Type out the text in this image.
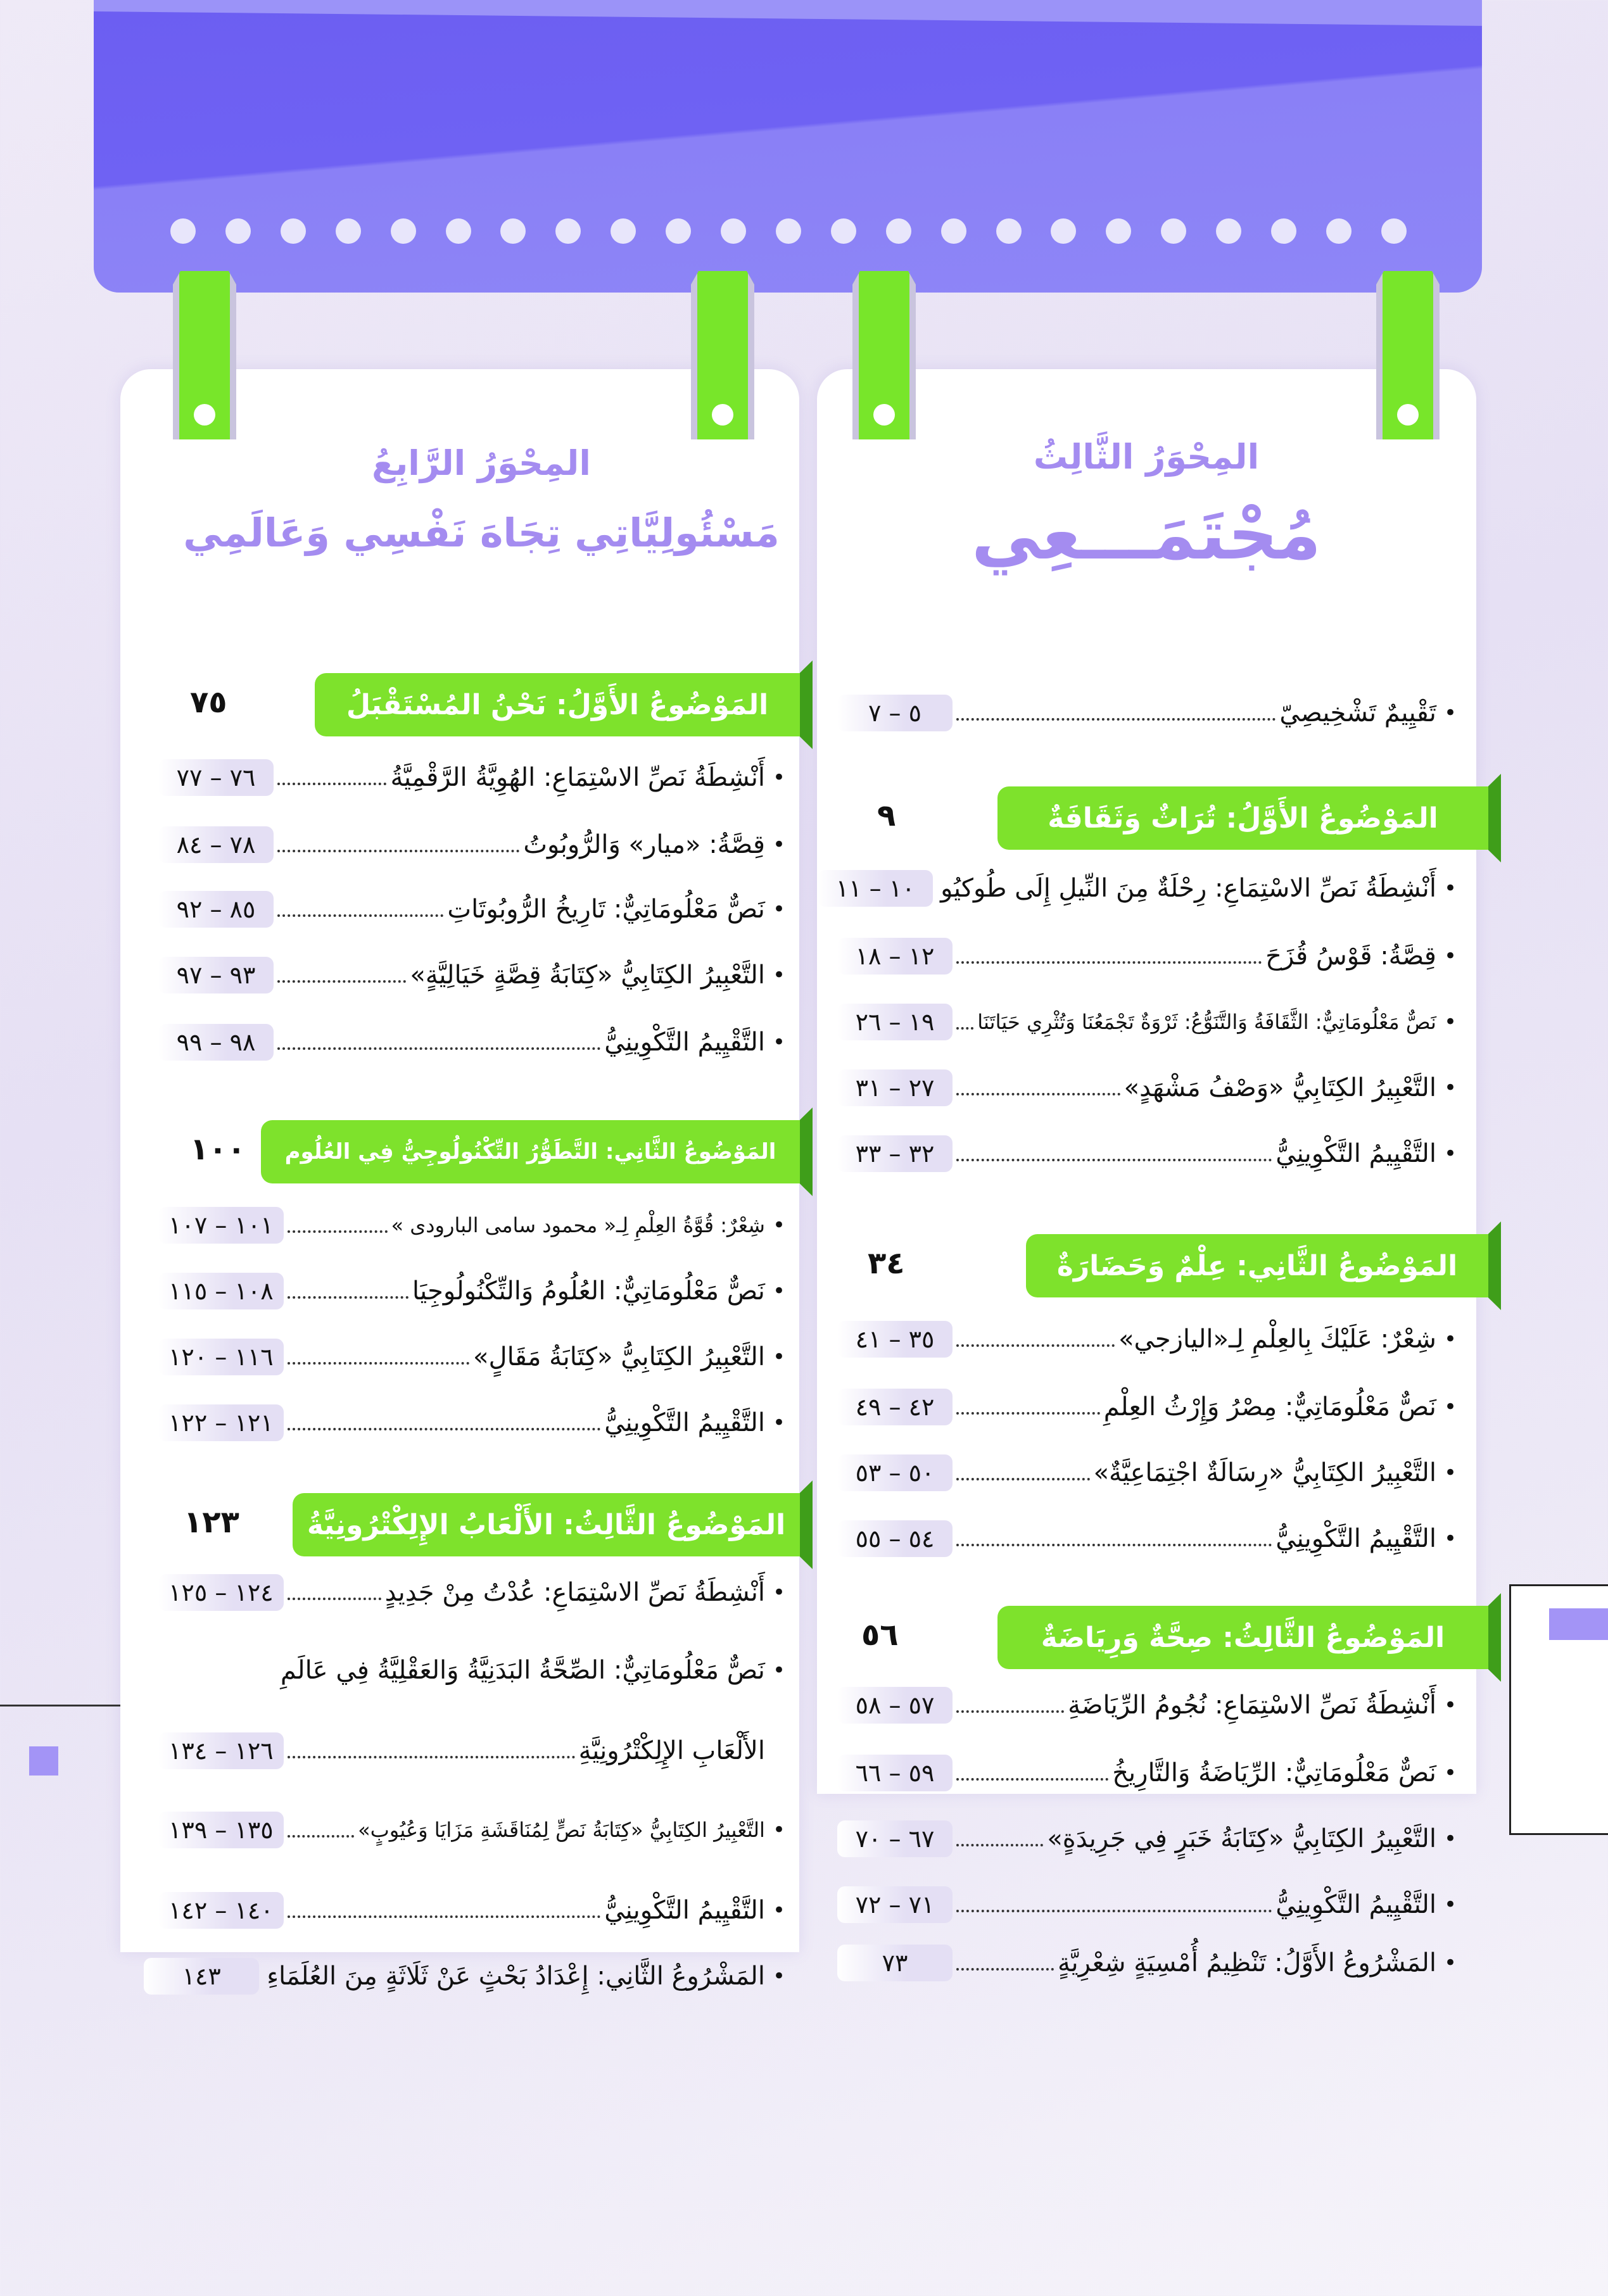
المِحْوَرُ الثَّالِثُ
مُجْتَمَـــعِي
المِحْوَرُ الرَّابِعُ
مَسْئُولِيَّاتِي تِجَاهَ نَفْسِي وَعَالَمِي
•
تَقْيِيمٌ تَشْخِيصِيّ
٥ – ٧
المَوْضُوعُ الأَوَّلُ: تُرَاثٌ وَثَقَافَةٌ
٩
•
أَنْشِطَةُ نَصِّ الاسْتِمَاعِ: رِحْلَةٌ مِنَ النِّيلِ إِلَى طُوكيُو
١٠ – ١١
•
قِصَّةُ: قَوْسُ قُزَحَ
١٢ – ١٨
•
نَصٌّ مَعْلُومَاتِيٌّ: الثَّقَافَةُ وَالتَّنَوُّعُ: ثَرْوَةٌ تَجْمَعُنَا وَتُثْرِي حَيَاتَنَا
١٩ – ٢٦
•
التَّعْبِيرُ الكِتَابِيُّ «وَصْفُ مَشْهَدٍ»
٢٧ – ٣١
•
التَّقْيِيمُ التَّكْوِينِيُّ
٣٢ – ٣٣
المَوْضُوعُ الثَّانِي: عِلْمٌ وَحَضَارَةٌ
٣٤
•
شِعْرٌ: عَلَيْكَ بِالعِلْمِ لِـ«اليازجي»
٣٥ – ٤١
•
نَصٌّ مَعْلُومَاتِيٌّ: مِصْرُ وَإِرْثُ العِلْمِ
٤٢ – ٤٩
•
التَّعْبِيرُ الكِتَابِيُّ «رِسَالَةٌ اجْتِمَاعِيَّةٌ»
٥٠ – ٥٣
•
التَّقْيِيمُ التَّكْوِينِيُّ
٥٤ – ٥٥
المَوْضُوعُ الثَّالِثُ: صِحَّةٌ وَرِيَاضَةٌ
٥٦
•
أَنْشِطَةُ نَصِّ الاسْتِمَاعِ: نُجُومُ الرِّيَاضَةِ
٥٧ – ٥٨
•
نَصٌّ مَعْلُومَاتِيٌّ: الرِّيَاضَةُ وَالتَّارِيخُ
٥٩ – ٦٦
•
التَّعْبِيرُ الكِتَابِيُّ «كِتَابَةُ خَبَرٍ فِي جَرِيدَةٍ»
٦٧ – ٧٠
•
التَّقْيِيمُ التَّكْوِينِيُّ
٧١ – ٧٢
•
المَشْرُوعُ الأَوَّلُ: تَنْظِيمُ أُمْسِيَةٍ شِعْرِيَّةٍ
٧٣
المَوْضُوعُ الأَوَّلُ: نَحْنُ المُسْتَقْبَلُ
٧٥
•
أَنْشِطَةُ نَصِّ الاسْتِمَاعِ: الهُوِيَّةُ الرَّقْمِيَّةُ
٧٦ – ٧٧
•
قِصَّةُ: «ميار» وَالرُّوبُوتُ
٧٨ – ٨٤
•
نَصٌّ مَعْلُومَاتِيٌّ: تَارِيخُ الرُّوبُوتَاتِ
٨٥ – ٩٢
•
التَّعْبِيرُ الكِتَابِيُّ «كِتَابَةُ قِصَّةٍ خَيَالِيَّةٍ»
٩٣ – ٩٧
•
التَّقْيِيمُ التَّكْوِينِيُّ
٩٨ – ٩٩
المَوْضُوعُ الثَّانِي: التَّطَوُّرُ التِّكْنُولُوجِيُّ فِي العُلُوم
١٠٠
•
شِعْرٌ: قُوَّةُ العِلْمِ لِـ« محمود سامى البارودى »
١٠١ – ١٠٧
•
نَصٌّ مَعْلُومَاتِيٌّ: العُلُومُ وَالتِّكْنُولُوجِيَا
١٠٨ – ١١٥
•
التَّعْبِيرُ الكِتَابِيُّ «كِتَابَةُ مَقَالٍ»
١١٦ – ١٢٠
•
التَّقْيِيمُ التَّكْوِينِيُّ
١٢١ – ١٢٢
المَوْضُوعُ الثَّالِثُ: الأَلْعَابُ الإِلِكْتْرُونِيَّةُ
١٢٣
•
أَنْشِطَةُ نَصِّ الاسْتِمَاعِ: عُدْتُ مِنْ جَدِيدٍ
١٢٤ – ١٢٥
•
نَصٌّ مَعْلُومَاتِيٌّ: الصِّحَّةُ البَدَنِيَّةُ وَالعَقْلِيَّةُ فِي عَالَمِ
الأَلْعَابِ الإِلِكْتْرُونِيَّةِ
١٢٦ – ١٣٤
•
التَّعْبِيرُ الكِتَابِيُّ «كِتَابَةُ نَصٍّ لِمُنَاقَشَةِ مَزَايَا وَعُيُوبٍ»
١٣٥ – ١٣٩
•
التَّقْيِيمُ التَّكْوِينِيُّ
١٤٠ – ١٤٢
•
المَشْرُوعُ الثَّانِي: إِعْدَادُ بَحْثٍ عَنْ ثَلَاثَةٍ مِنَ العُلَمَاءِ
١٤٣
